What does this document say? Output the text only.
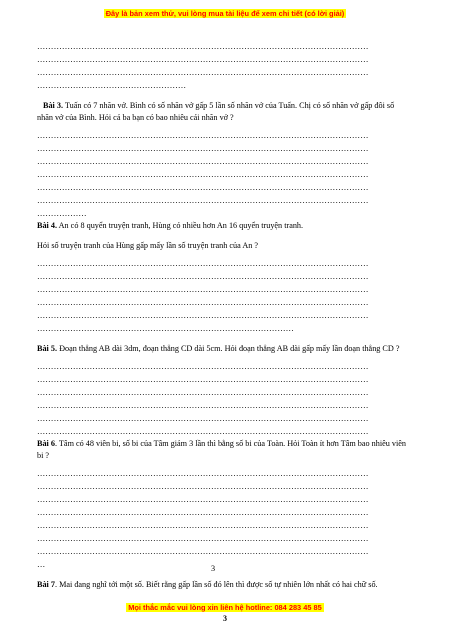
Đây là bản xem thử, vui lòng mua tài liệu để xem chi tiết (có lời giải)
…………………………………………………………………………………………………………
…………………………………………………………………………………………………………
…………………………………………………………………………………………………………
………………………………………………

Bài 3. Tuấn có 7 nhãn vở. Bình có số nhãn vở gấp 5 lần số nhãn vở của Tuấn. Chị có số nhãn vở gấp đôi số nhãn vở của Bình. Hỏi cả ba bạn có bao nhiêu cái nhãn vở ?

…………………………………………………………………………………………………………
…………………………………………………………………………………………………………
…………………………………………………………………………………………………………
…………………………………………………………………………………………………………
…………………………………………………………………………………………………………
…………………………………………………………………………………………………………
………………

Bài 4. An có 8 quyển truyện tranh, Hùng có nhiều hơn An 16 quyển truyện tranh.

Hỏi số truyện tranh của Hùng gấp mấy lần số truyện tranh của An ?

…………………………………………………………………………………………………………
…………………………………………………………………………………………………………
…………………………………………………………………………………………………………
…………………………………………………………………………………………………………
…………………………………………………………………………………………………………
…………………………………………………………………………………

Bài 5. Đoạn thẳng AB dài 3dm, đoạn thẳng CD dài 5cm. Hỏi đoạn thẳng AB dài gấp mấy lần đoạn thẳng CD ?

…………………………………………………………………………………………………………
…………………………………………………………………………………………………………
…………………………………………………………………………………………………………
…………………………………………………………………………………………………………
…………………………………………………………………………………………………………
…………………………………………………………………………………………………………

Bài 6. Tâm có 48 viên bi, số bi của Tâm giảm 3 lần thì bằng số bi của Toàn. Hỏi Toàn ít hơn Tâm bao nhiêu viên bi ?

…………………………………………………………………………………………………………
…………………………………………………………………………………………………………
…………………………………………………………………………………………………………
…………………………………………………………………………………………………………
…………………………………………………………………………………………………………
…………………………………………………………………………………………………………
…………………………………………………………………………………………………………
…

Bài 7. Mai đang nghĩ tới một số. Biết rằng gấp lần số đó lên thì được số tự nhiên lớn nhất có hai chữ số.

3
Mọi thắc mắc vui lòng xin liên hệ hotline: 084 283 45 85
3
